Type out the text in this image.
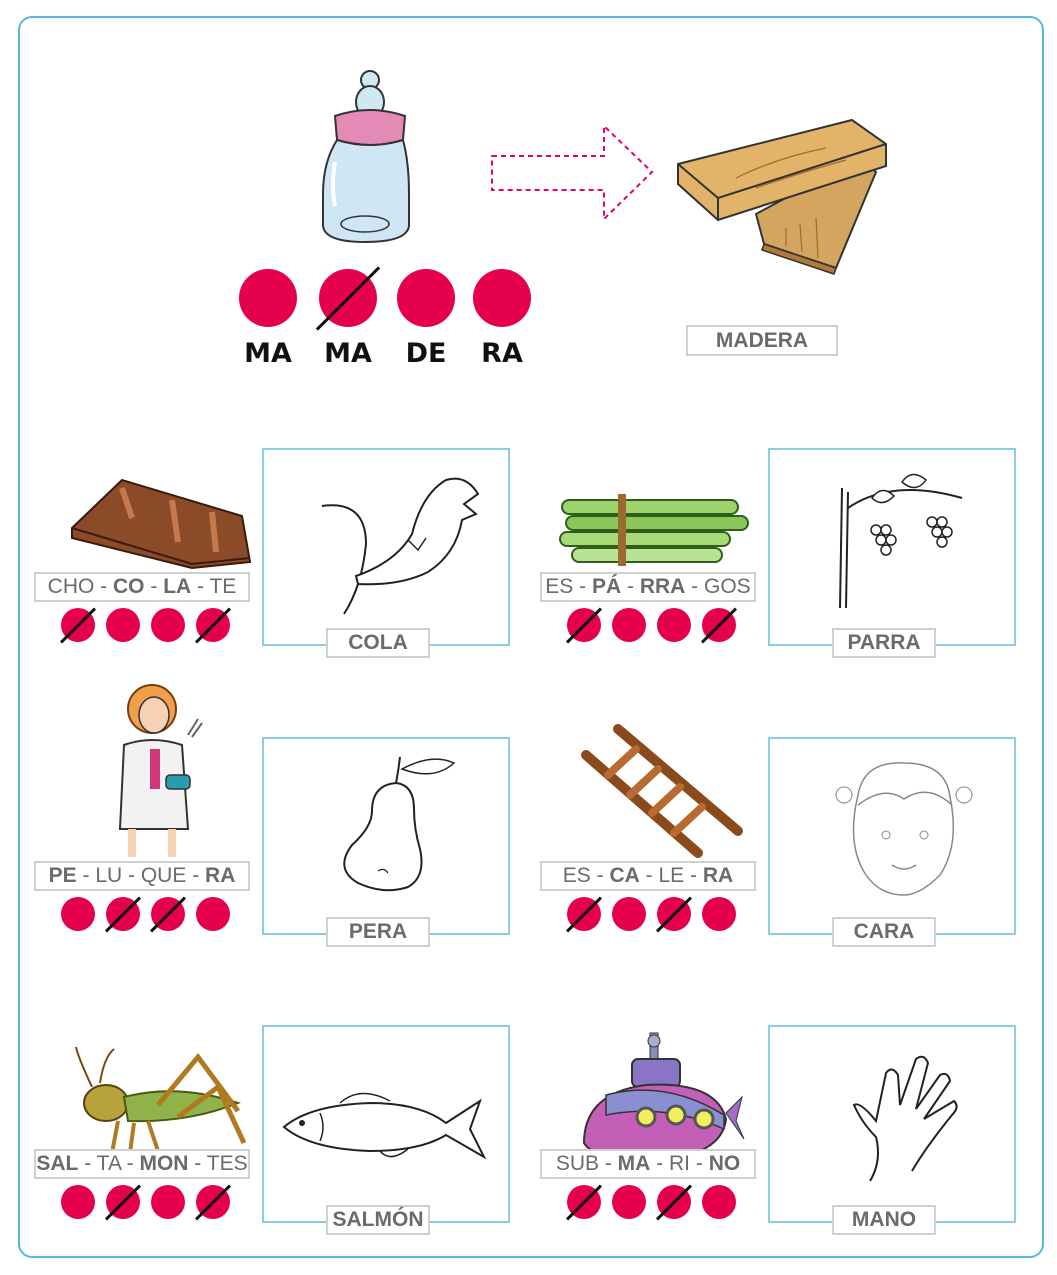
MA	MA	DE	RA	MADERA
CHO - CO - LA - TE
COLA
ES - PÁ - RRA - GOS
PARRA
PE - LU - QUE - RA
PERA
ES - CA - LE - RA
CARA
SAL - TA - MON - TES
SALMÓN
SUB - MA - RI - NO
MANO
